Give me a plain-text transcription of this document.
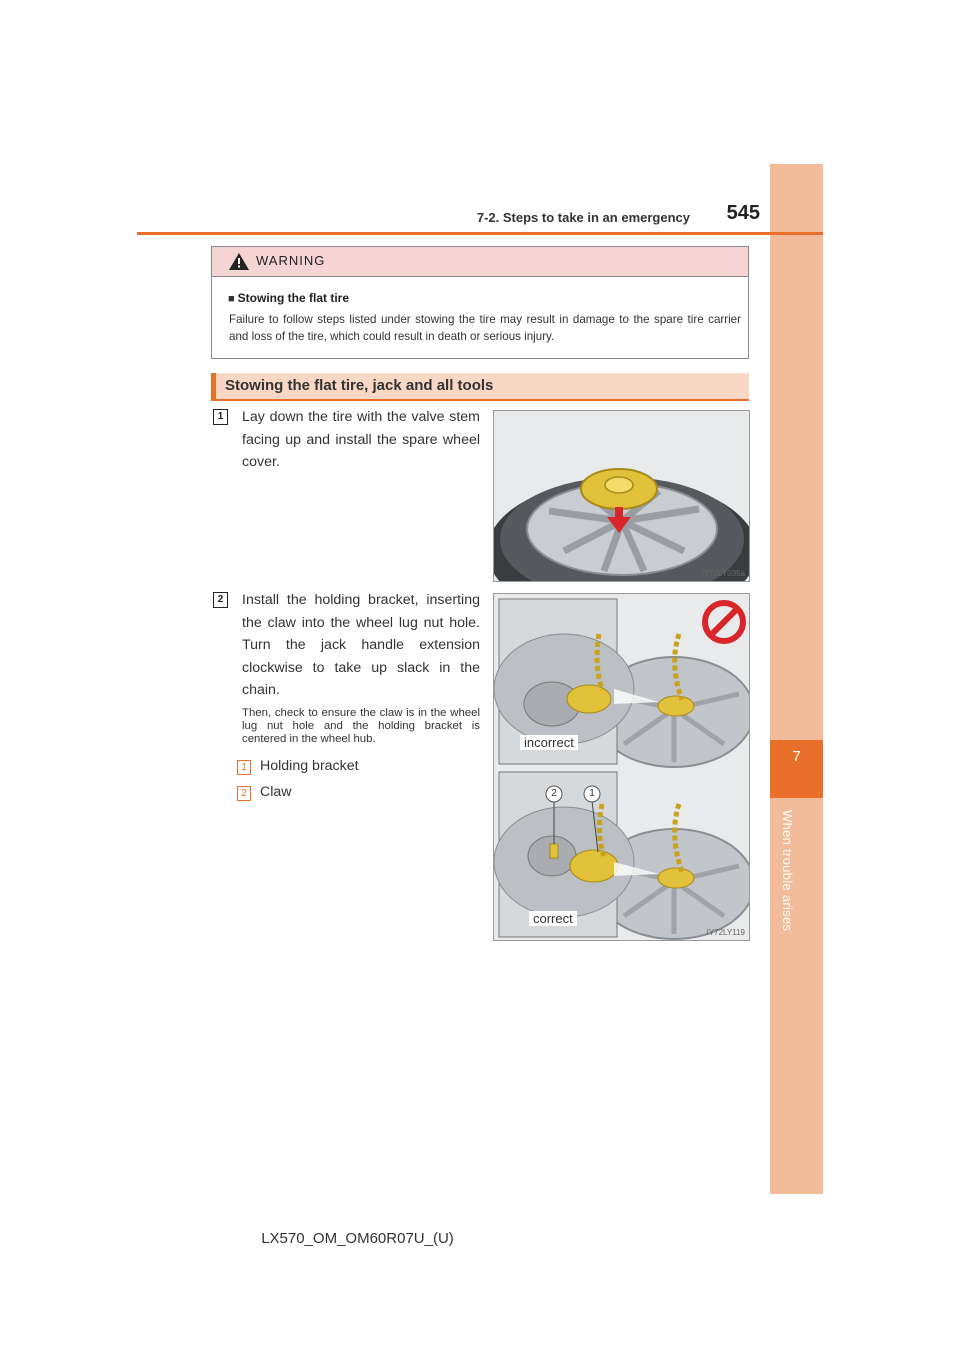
7
When trouble arises
7-2. Steps to take in an emergency	545
WARNING
■ Stowing the flat tire
Failure to follow steps listed under stowing the tire may result in damage to the spare tire carrier and loss of the tire, which could result in death or serious injury.
Stowing the flat tire, jack and all tools
1	Lay down the tire with the valve stem facing up and install the spare wheel cover.
2	Install the holding bracket, inserting the claw into the wheel lug nut hole. Turn the jack handle extension clockwise to take up slack in the chain.
Then, check to ensure the claw is in the wheel lug nut hole and the holding bracket is centered in the wheel hub.
1 Holding bracket
2 Claw
IY72LY035a
incorrect
correct
2	1
IY72LY119
LX570_OM_OM60R07U_(U)
